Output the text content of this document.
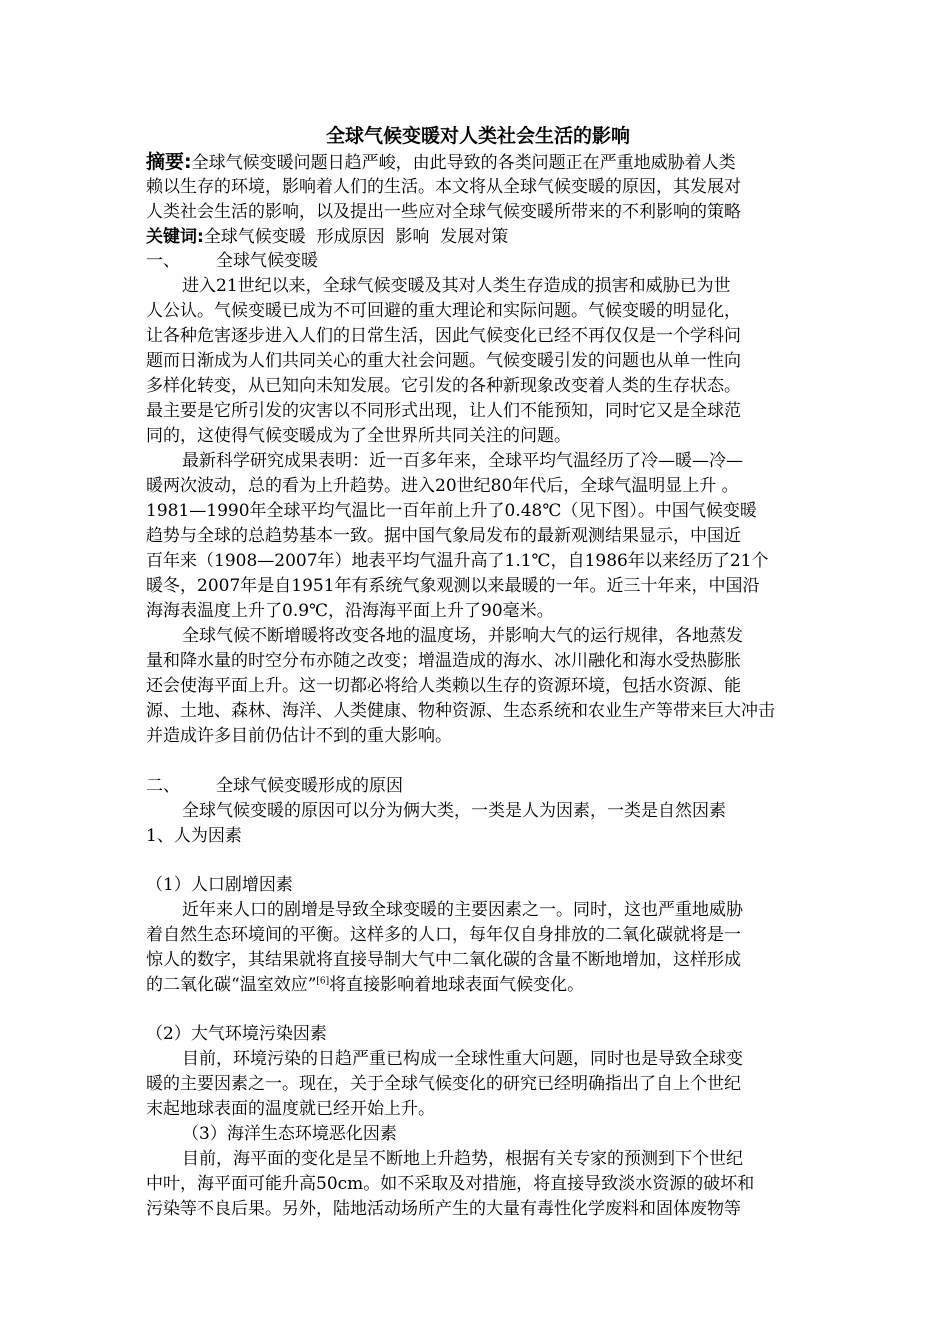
全球气候变暖对人类社会生活的影响
摘要:全球气候变暖问题日趋严峻，由此导致的各类问题正在严重地威胁着人类
赖以生存的环境，影响着人们的生活。本文将从全球气候变暖的原因，其发展对
人类社会生活的影响，以及提出一些应对全球气候变暖所带来的不利影响的策略
关键词:全球气候变暖  形成原因  影响  发展对策
一、 全球气候变暖
进入21世纪以来，全球气候变暖及其对人类生存造成的损害和威胁已为世
人公认。气候变暖已成为不可回避的重大理论和实际问题。气候变暖的明显化，
让各种危害逐步进入人们的日常生活，因此气候变化已经不再仅仅是一个学科问
题而日渐成为人们共同关心的重大社会问题。气候变暖引发的问题也从单一性向
多样化转变，从已知向未知发展。它引发的各种新现象改变着人类的生存状态。
最主要是它所引发的灾害以不同形式出现，让人们不能预知，同时它又是全球范
同的，这使得气候变暖成为了全世界所共同关注的问题。
最新科学研究成果表明：近一百多年来，全球平均气温经历了冷—暖—冷—
暖两次波动，总的看为上升趋势。进入20世纪80年代后，全球气温明显上升 。
1981—1990年全球平均气温比一百年前上升了0.48℃（见下图）。中国气候变暖
趋势与全球的总趋势基本一致。据中国气象局发布的最新观测结果显示，中国近
百年来（1908—2007年）地表平均气温升高了1.1℃，自1986年以来经历了21个
暖冬，2007年是自1951年有系统气象观测以来最暖的一年。近三十年来，中国沿
海海表温度上升了0.9℃，沿海海平面上升了90毫米。
全球气候不断增暖将改变各地的温度场，并影响大气的运行规律，各地蒸发
量和降水量的时空分布亦随之改变；增温造成的海水、冰川融化和海水受热膨胀
还会使海平面上升。这一切都必将给人类赖以生存的资源环境，包括水资源、能
源、土地、森林、海洋、人类健康、物种资源、生态系统和农业生产等带来巨大冲击
并造成许多目前仍估计不到的重大影响。
二、 全球气候变暖形成的原因
全球气候变暖的原因可以分为俩大类，一类是人为因素，一类是自然因素
1、人为因素
（1）人口剧增因素
近年来人口的剧增是导致全球变暖的主要因素之一。同时，这也严重地威胁
着自然生态环境间的平衡。这样多的人口，每年仅自身排放的二氧化碳就将是一
惊人的数字，其结果就将直接导制大气中二氧化碳的含量不断地增加，这样形成
的二氧化碳“温室效应”[6]将直接影响着地球表面气候变化。
（2）大气环境污染因素
目前，环境污染的日趋严重已构成一全球性重大问题，同时也是导致全球变
暖的主要因素之一。现在，关于全球气候变化的研究已经明确指出了自上个世纪
末起地球表面的温度就已经开始上升。
（3）海洋生态环境恶化因素
目前，海平面的变化是呈不断地上升趋势，根据有关专家的预测到下个世纪
中叶，海平面可能升高50cm。如不采取及对措施，将直接导致淡水资源的破坏和
污染等不良后果。另外，陆地活动场所产生的大量有毒性化学废料和固体废物等
